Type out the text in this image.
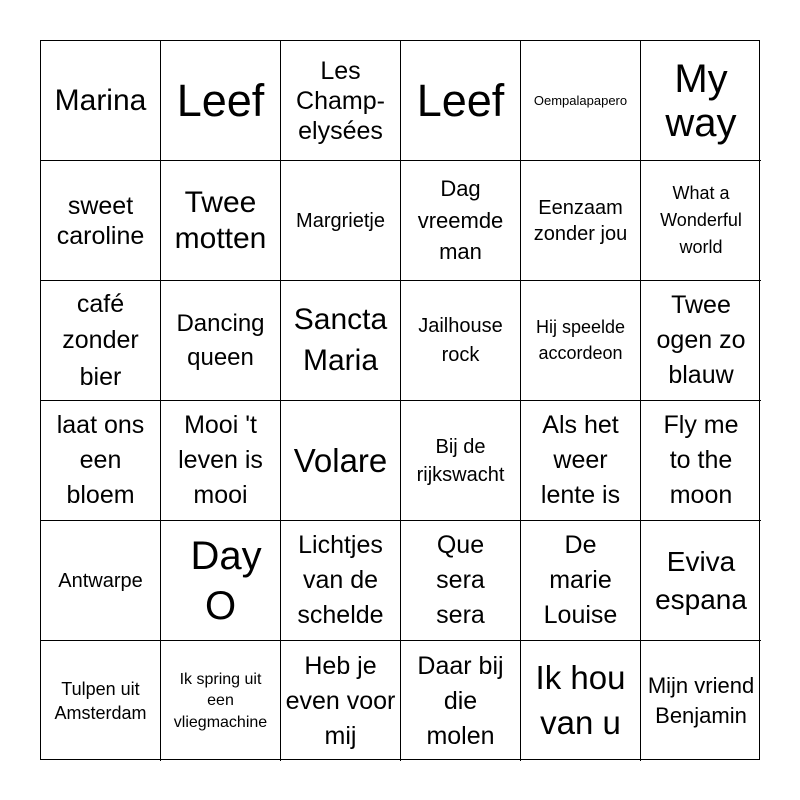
Marina Leef
Les Champ-elysées
Leef Oempalapapero	My way
sweet caroline
Twee motten
Margrietje
Dag vreemde man
Eenzaam zonder jou
What a Wonderful world
café zonder bier
Dancing queen
Sancta Maria
Jailhouse rock
Hij speelde accordeon
Twee ogen zo blauw
laat ons een bloem
Mooi 't leven is mooi
Volare	Bij de rijkswacht
Als het weer lente is
Fly me to the moon
Antwarpe
Day O
Lichtjes van de schelde
Que sera sera
De marie Louise
Eviva espana
Tulpen uit Amsterdam
Ik spring uit een vliegmachine
Heb je even voor mij
Daar bij die molen
Ik hou van u
Mijn vriend Benjamin
